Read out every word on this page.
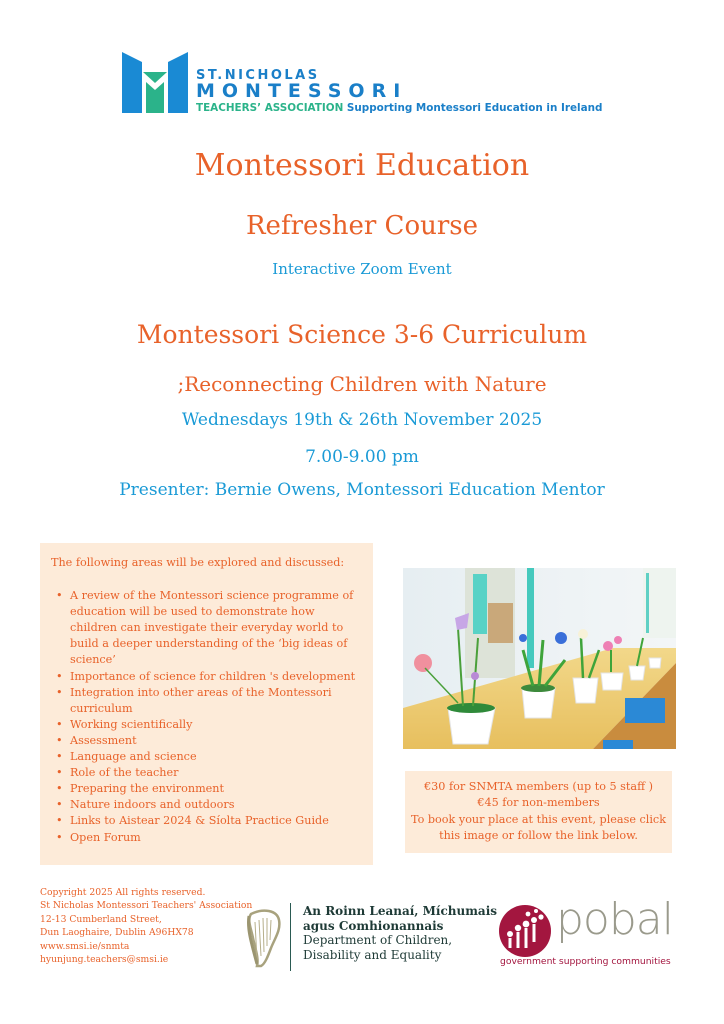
ST.NICHOLAS
MONTESSORI
TEACHERS’ ASSOCIATION Supporting Montessori Education in Ireland
Montessori Education
Refresher Course
Interactive Zoom Event
Montessori Science 3-6 Curriculum
;Reconnecting Children with Nature
Wednesdays 19th & 26th November 2025
7.00-9.00 pm
Presenter: Bernie Owens, Montessori Education Mentor

The following areas will be explored and discussed:

• A review of the Montessori science programme of education will be used to demonstrate how children can investigate their everyday world to build a deeper understanding of the ‘big ideas of science’
• Importance of science for children 's development
• Integration into other areas of the Montessori curriculum
• Working scientifically
• Assessment
• Language and science
• Role of the teacher
• Preparing the environment
• Nature indoors and outdoors
• Links to Aistear 2024 & Síolta Practice Guide
• Open Forum
€30 for SNMTA members (up to 5 staff )
€45 for non-members
To book your place at this event, please click this image or follow the link below.
Copyright 2025 All rights reserved.
St Nicholas Montessori Teachers' Association
12-13 Cumberland Street,
Dun Laoghaire, Dublin A96HX78
www.smsi.ie/snmta
hyunjung.teachers@smsi.ie
An Roinn Leanaí, Míchumais
agus Comhionannais
Department of Children,
Disability and Equality
pobal
government supporting communities
